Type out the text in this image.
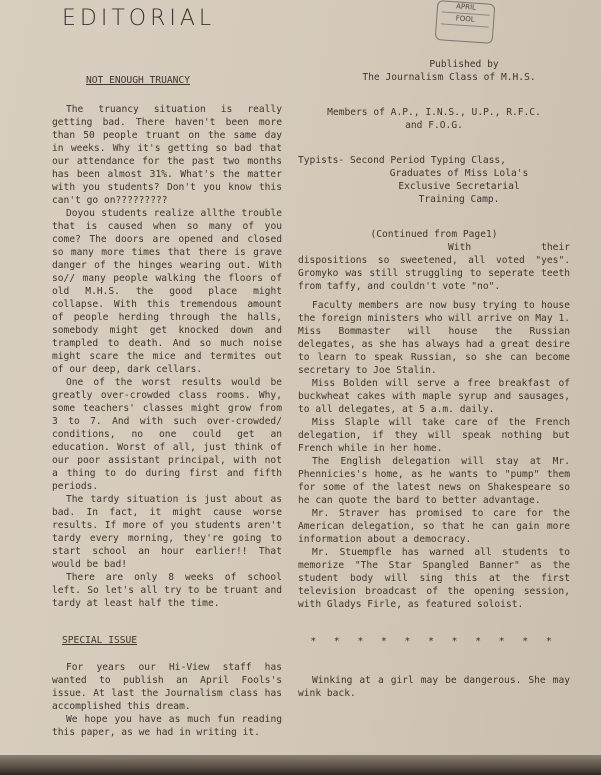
EDITORIAL	APRIL
FOOL

NOT ENOUGH TRUANCY

The truancy situation is really getting bad. There haven't been more than 50 people truant on the same day in weeks. Why it's getting so bad that our attendance for the past two months has been almost 31%. What's the matter with you students? Don't you know this can't go on?????????

Doyou students realize allthe trouble that is caused when so many of you come? The doors are opened and closed so many more times that there is grave danger of the hinges wearing out. With so// many people walking the floors of old M.H.S. the good place might collapse. With this tremendous amount of people herding through the halls, somebody might get knocked down and trampled to death. And so much noise might scare the mice and termites out of our deep, dark cellars.

One of the worst results would be greatly over-crowded class rooms. Why, some teachers' classes might grow from 3 to 7. And with such over-crowded/ conditions, no one could get an education. Worst of all, just think of our poor assistant principal, with not a thing to do during first and fifth periods.

The tardy situation is just about as bad. In fact, it might cause worse results. If more of you students aren't tardy every morning, they're going to start school an hour earlier!! That would be bad!

There are only 8 weeks of school left. So let's all try to be truant and tardy at least half the time.

SPECIAL ISSUE

For years our Hi-View staff has wanted to publish an April Fools's issue. At last the Journalism class has accomplished this dream.

We hope you have as much fun reading this paper, as we had in writing it.

Published by

The Journalism Class of M.H.S.

Members of A.P., I.N.S., U.P., R.F.C.

and F.O.G.

Typists- Second Period Typing Class,

Graduates of Miss Lola's

Exclusive Secretarial

Training Camp.

(Continued from Page1)

With their dispositions so sweetened, all voted "yes". Gromyko was still struggling to seperate teeth from taffy, and couldn't vote "no".

Faculty members are now busy trying to house the foreign ministers who will arrive on May 1. Miss Bommaster will house the Russian delegates, as she has always had a great desire to learn to speak Russian, so she can become secretary to Joe Stalin.

Miss Bolden will serve a free breakfast of buckwheat cakes with maple syrup and sausages, to all delegates, at 5 a.m. daily.

Miss Slaple will take care of the French delegation, if they will speak nothing but French while in her home.

The English delegation will stay at Mr. Phennicies's home, as he wants to "pump" them for some of the latest news on Shakespeare so he can quote the bard to better advantage.

Mr. Straver has promised to care for the American delegation, so that he can gain more information about a democracy.

Mr. Stuempfle has warned all students to memorize "The Star Spangled Banner" as the student body will sing this at the first television broadcast of the opening session, with Gladys Firle, as featured soloist.

* * * * * * * * * * *

Winking at a girl may be dangerous. She may wink back.
